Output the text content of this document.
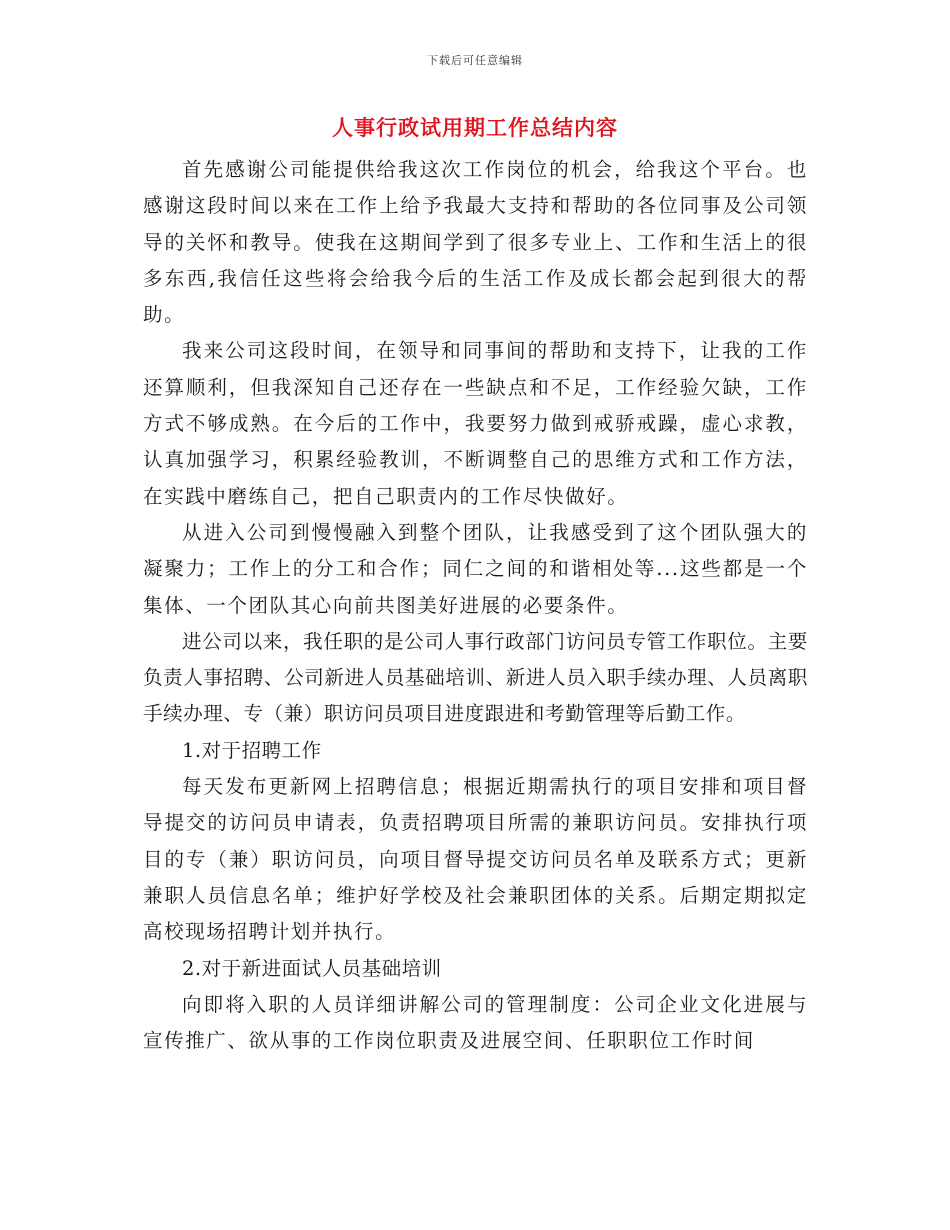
下载后可任意编辑
人事行政试用期工作总结内容

首先感谢公司能提供给我这次工作岗位的机会，给我这个平台。也感谢这段时间以来在工作上给予我最大支持和帮助的各位同事及公司领导的关怀和教导。使我在这期间学到了很多专业上、工作和生活上的很多东西,我信任这些将会给我今后的生活工作及成长都会起到很大的帮助。

我来公司这段时间，在领导和同事间的帮助和支持下，让我的工作还算顺利，但我深知自己还存在一些缺点和不足，工作经验欠缺，工作方式不够成熟。在今后的工作中，我要努力做到戒骄戒躁，虚心求教，认真加强学习，积累经验教训，不断调整自己的思维方式和工作方法，在实践中磨练自己，把自己职责内的工作尽快做好。

从进入公司到慢慢融入到整个团队，让我感受到了这个团队强大的凝聚力；工作上的分工和合作；同仁之间的和谐相处等...这些都是一个集体、一个团队其心向前共图美好进展的必要条件。

进公司以来，我任职的是公司人事行政部门访问员专管工作职位。主要负责人事招聘、公司新进人员基础培训、新进人员入职手续办理、人员离职手续办理、专（兼）职访问员项目进度跟进和考勤管理等后勤工作。

1.对于招聘工作

每天发布更新网上招聘信息；根据近期需执行的项目安排和项目督导提交的访问员申请表，负责招聘项目所需的兼职访问员。安排执行项目的专（兼）职访问员，向项目督导提交访问员名单及联系方式；更新兼职人员信息名单；维护好学校及社会兼职团体的关系。后期定期拟定高校现场招聘计划并执行。

2.对于新进面试人员基础培训

向即将入职的人员详细讲解公司的管理制度：公司企业文化进展与宣传推广、欲从事的工作岗位职责及进展空间、任职职位工作时间
